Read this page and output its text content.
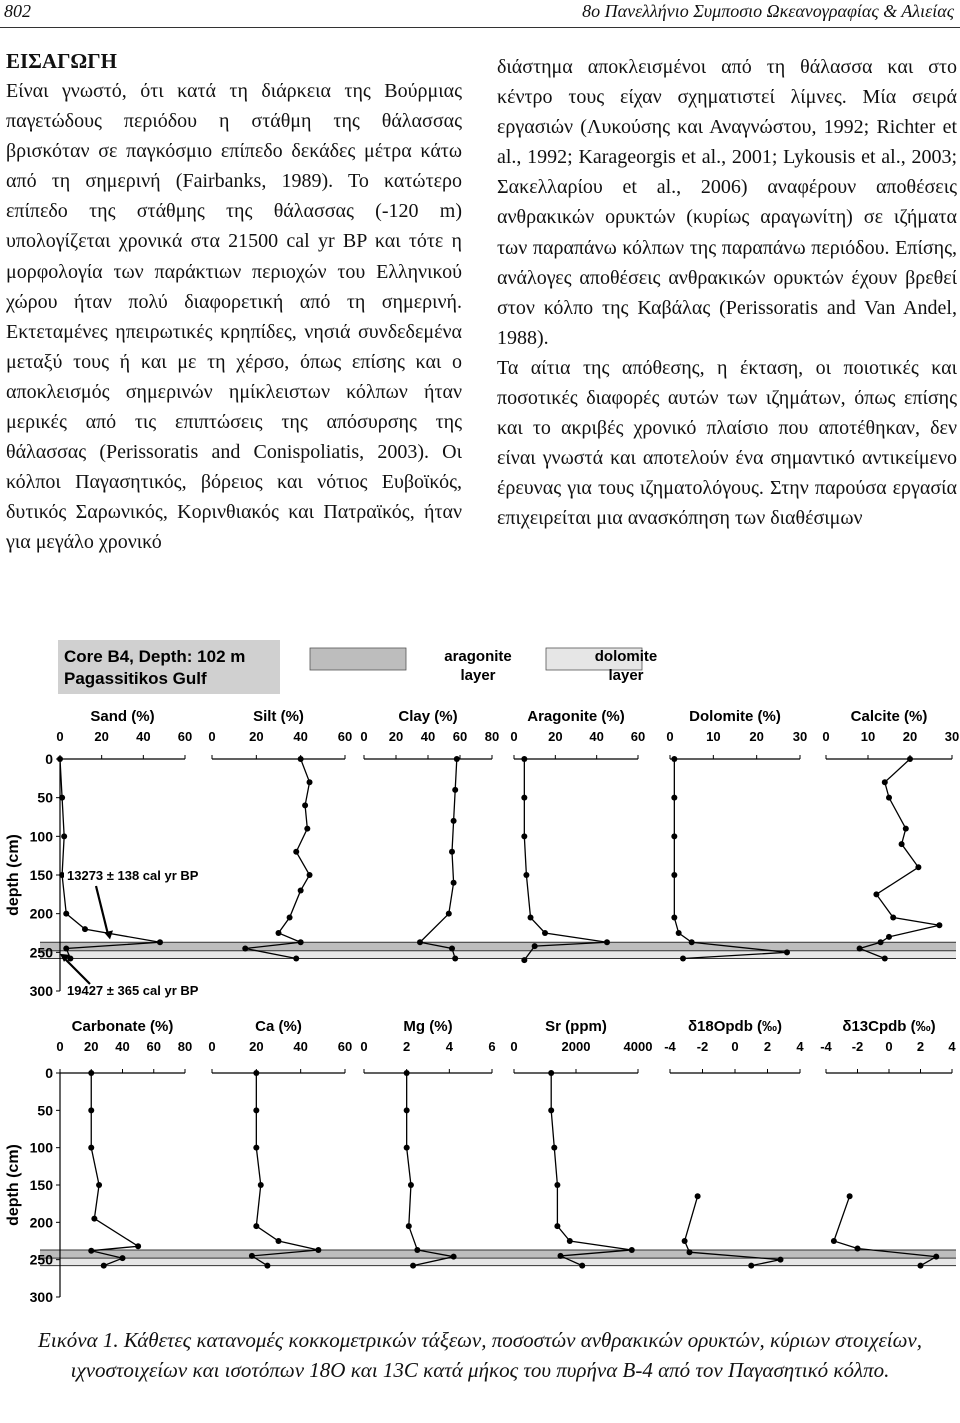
802	8ο Πανελλήνιο Συμποσιο Ωκεανογραφίας & Αλιείας
ΕΙΣΑΓΩΓΗ

Είναι γνωστό, ότι κατά τη διάρκεια της Βούρμιας παγετώδους περιόδου η στάθμη της θάλασσας βρισκόταν σε παγκόσμιο επίπεδο δεκάδες μέτρα κάτω από τη σημερινή (Fairbanks, 1989). Το κατώτερο επίπεδο της στάθμης της θάλασσας (-120 m) υπολογίζεται χρονικά στα 21500 cal yr BP και τότε η μορφολογία των παράκτιων περιοχών του Ελληνικού χώρου ήταν πολύ διαφορετική από τη σημερινή. Εκτεταμένες ηπειρωτικές κρηπίδες, νησιά συνδεδεμένα μεταξύ τους ή και με τη χέρσο, όπως επίσης και ο αποκλεισμός σημερινών ημίκλειστων κόλπων ήταν μερικές από τις επιπτώσεις της απόσυρσης της θάλασσας (Perissoratis and Conispoliatis, 2003). Οι κόλποι Παγασητικός, βόρειος και νότιος Ευβοϊκός, δυτικός Σαρωνικός, Κορινθιακός και Πατραϊκός, ήταν για μεγάλο χρονικό

διάστημα αποκλεισμένοι από τη θάλασσα και στο κέντρο τους είχαν σχηματιστεί λίμνες. Μία σειρά εργασιών (Λυκούσης και Αναγνώστου, 1992; Richter et al., 1992; Karageorgis et al., 2001; Lykousis et al., 2003; Σακελλαρίου et al., 2006) αναφέρουν αποθέσεις ανθρακικών ορυκτών (κυρίως αραγωνίτη) σε ιζήματα των παραπάνω κόλπων της παραπάνω περιόδου. Επίσης, ανάλογες αποθέσεις ανθρακικών ορυκτών έχουν βρεθεί στον κόλπο της Καβάλας (Perissoratis and Van Andel, 1988).

Τα αίτια της απόθεσης, η έκταση, οι ποιοτικές και ποσοτικές διαφορές αυτών των ιζημάτων, όπως επίσης και το ακριβές χρονικό πλαίσιο που αποτέθηκαν, δεν είναι γνωστά και αποτελούν ένα σημαντικό αντικείμενο έρευνας για τους ιζηματολόγους. Στην παρούσα εργασία επιχειρείται μια ανασκόπηση των διαθέσιμων

Core B4, Depth: 102 m
Pagassitikos Gulf
aragonite
layer
dolomite
layer
0
50
100
150
200
250
300
depth (cm)
Sand (%)
0 20 40 60
Silt (%)
0	20 40 60
Clay (%)
0 20 40 60 80
Aragonite (%)
0 20 40 60
Dolomite (%)
0 10 20 30
Calcite (%)
0 10 20 30
0
50
100
150
200
250
300
depth (cm)
Carbonate (%)
0 20 40 60 80
Ca (%)
0	20 40 60
Mg (%)
0	2	4	6
Sr (ppm)
0	2000	4000
δ18Opdb (‰)
-4 -2 0 2 4
δ13Cpdb (‰)
-4 -2 0 2 4
13273 ± 138 cal yr BP
19427 ± 365 cal yr BP
Εικόνα 1. Κάθετες κατανομές κοκκομετρικών τάξεων, ποσοστών ανθρακικών ορυκτών, κύριων στοιχείων, ιχνοστοιχείων και ισοτόπων 18Ο και 13C κατά μήκος του πυρήνα Β-4 από τον Παγασητικό κόλπο.
